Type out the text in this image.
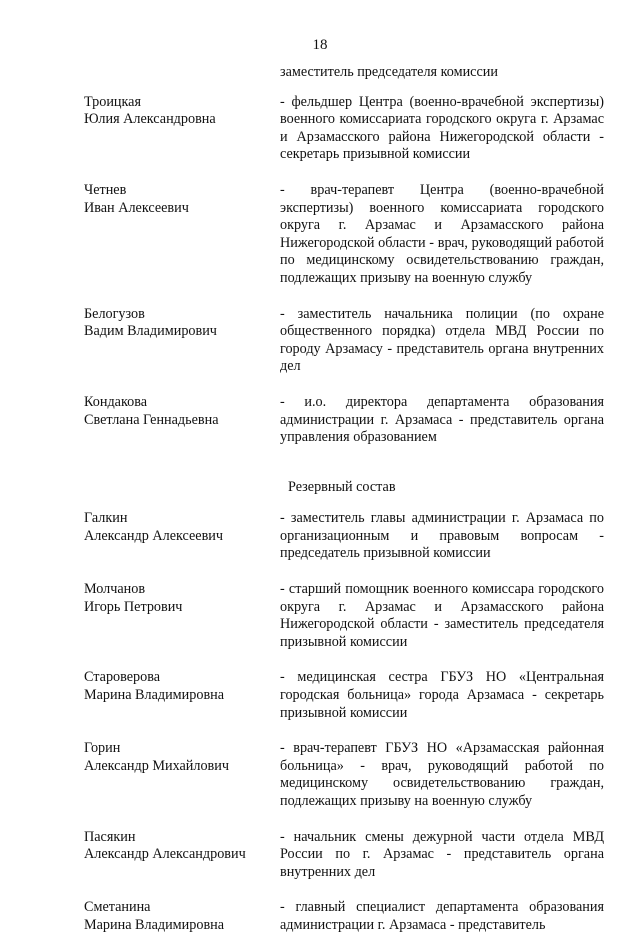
18
заместитель председателя комиссии
Троицкая
Юлия Александровна
- фельдшер Центра (военно-врачебной экспертизы) военного комиссариата городского округа г. Арзамас и Арзамасского района Нижегородской области - секретарь призывной комиссии
Четнев
Иван Алексеевич
- врач-терапевт Центра (военно-врачебной экспертизы) военного комиссариата городского округа г. Арзамас и Арзамасского района Нижегородской области - врач, руководящий работой по медицинскому освидетельствованию граждан, подлежащих призыву на военную службу
Белогузов
Вадим Владимирович
- заместитель начальника полиции (по охране общественного порядка) отдела МВД России по городу Арзамасу - представитель органа внутренних дел
Кондакова
Светлана Геннадьевна
- и.о. директора департамента образования администрации г. Арзамаса - представитель органа управления образованием
Резервный состав
Галкин
Александр Алексеевич
- заместитель главы администрации г. Арзамаса по организационным и правовым вопросам - председатель призывной комиссии
Молчанов
Игорь Петрович
- старший помощник военного комиссара городского округа г. Арзамас и Арзамасского района Нижегородской области - заместитель председателя призывной комиссии
Староверова
Марина Владимировна
- медицинская сестра ГБУЗ НО «Центральная городская больница» города Арзамаса - секретарь призывной комиссии
Горин
Александр Михайлович
- врач-терапевт ГБУЗ НО «Арзамасская районная больница» - врач, руководящий работой по медицинскому освидетельствованию граждан, подлежащих призыву на военную службу
Пасякин
Александр Александрович
- начальник смены дежурной части отдела МВД России по г. Арзамас - представитель органа внутренних дел
Сметанина
Марина Владимировна
- главный специалист департамента образования администрации г. Арзамаса - представитель
